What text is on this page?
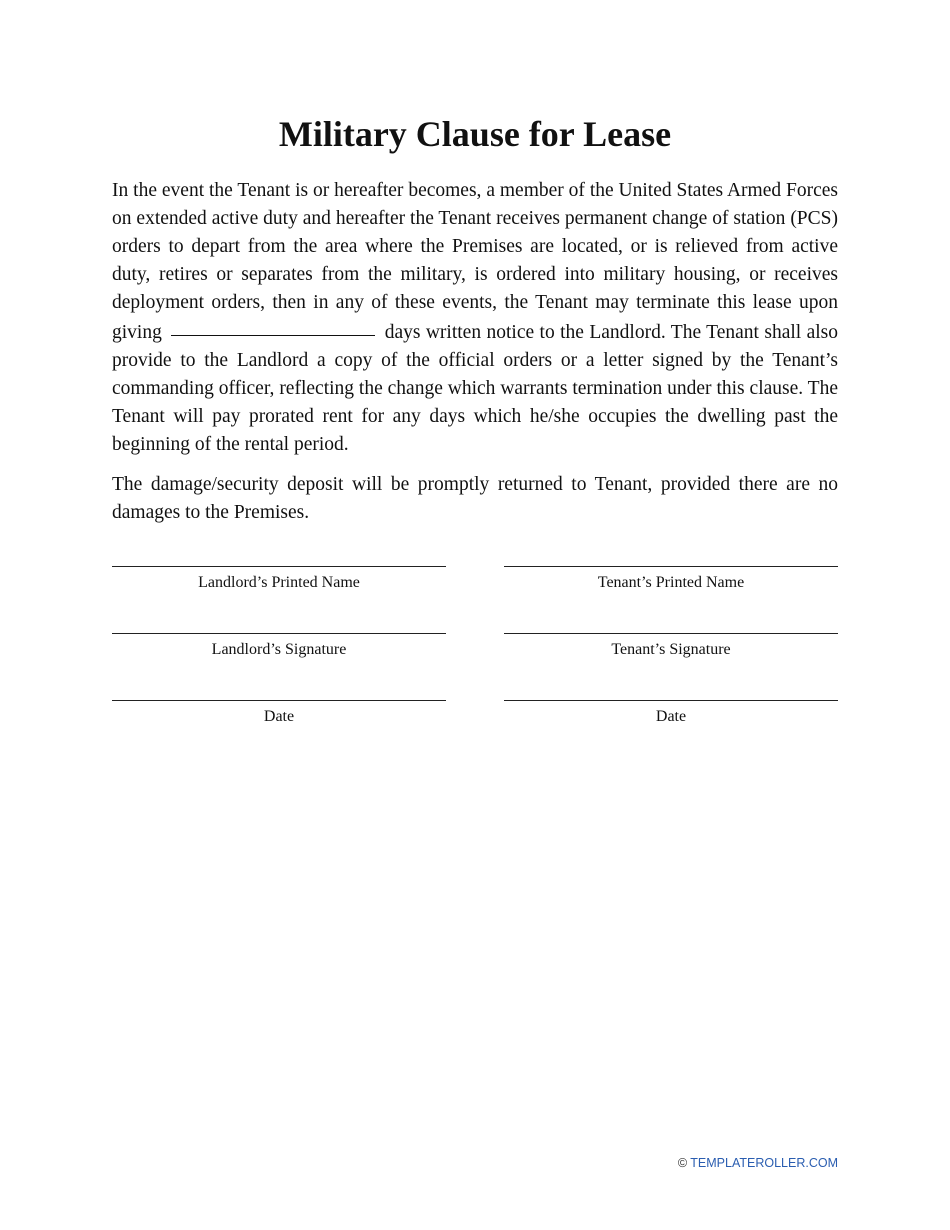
Military Clause for Lease

In the event the Tenant is or hereafter becomes, a member of the United States Armed Forces on extended active duty and hereafter the Tenant receives permanent change of station (PCS) orders to depart from the area where the Premises are located, or is relieved from active duty, retires or separates from the military, is ordered into military housing, or receives deployment orders, then in any of these events, the Tenant may terminate this lease upon giving	days written notice to the Landlord. The Tenant shall also provide to the Landlord a copy of the official orders or a letter signed by the Tenant’s commanding officer, reflecting the change which warrants termination under this clause. The Tenant will pay prorated rent for any days which he/she occupies the dwelling past the beginning of the rental period.

The damage/security deposit will be promptly returned to Tenant, provided there are no damages to the Premises.

Landlord’s Printed Name	Tenant’s Printed Name
Landlord’s Signature	Tenant’s Signature
Date	Date
© TEMPLATEROLLER.COM
